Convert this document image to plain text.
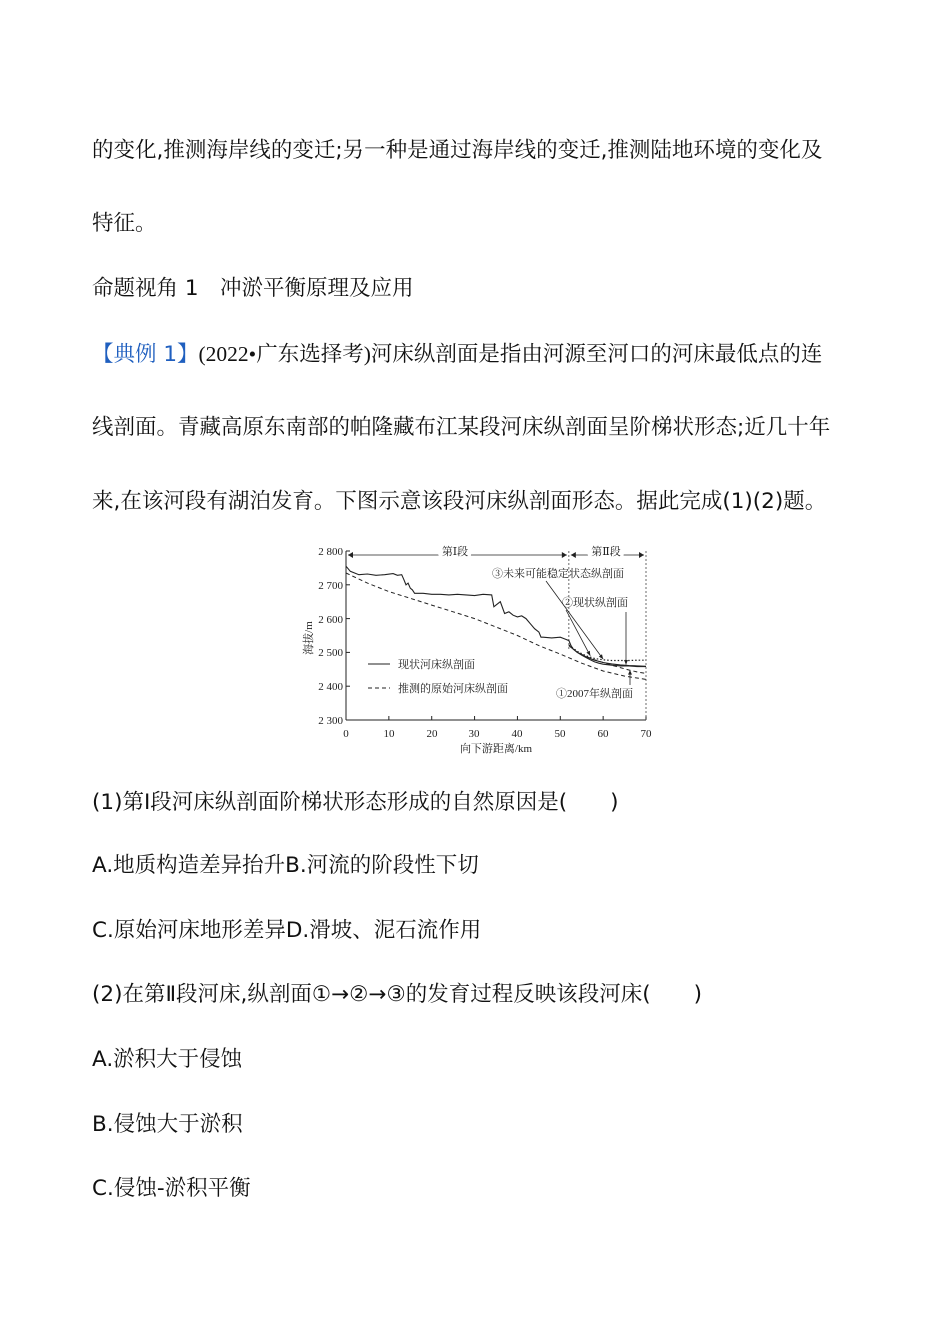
的变化,推测海岸线的变迁;另一种是通过海岸线的变迁,推测陆地环境的变化及
特征。
命题视角 1　冲淤平衡原理及应用
【典例 1】(2022•广东选择考)河床纵剖面是指由河源至河口的河床最低点的连
线剖面。青藏高原东南部的帕隆藏布江某段河床纵剖面呈阶梯状形态;近几十年
来,在该河段有湖泊发育。下图示意该段河床纵剖面形态。据此完成(1)(2)题。
2 800
2 700
2 600
2 500
2 400
2 300
0	10	20	30	40	50	60	70
向下游距离/km
海拔/m
第Ⅰ段	第Ⅱ段
③未来可能稳定状态纵剖面
②现状纵剖面
①2007年纵剖面
现状河床纵剖面
推测的原始河床纵剖面
(1)第Ⅰ段河床纵剖面阶梯状形态形成的自然原因是(　　)
A.地质构造差异抬升B.河流的阶段性下切
C.原始河床地形差异D.滑坡、泥石流作用
(2)在第Ⅱ段河床,纵剖面①→②→③的发育过程反映该段河床(　　)
A.淤积大于侵蚀
B.侵蚀大于淤积
C.侵蚀-淤积平衡
